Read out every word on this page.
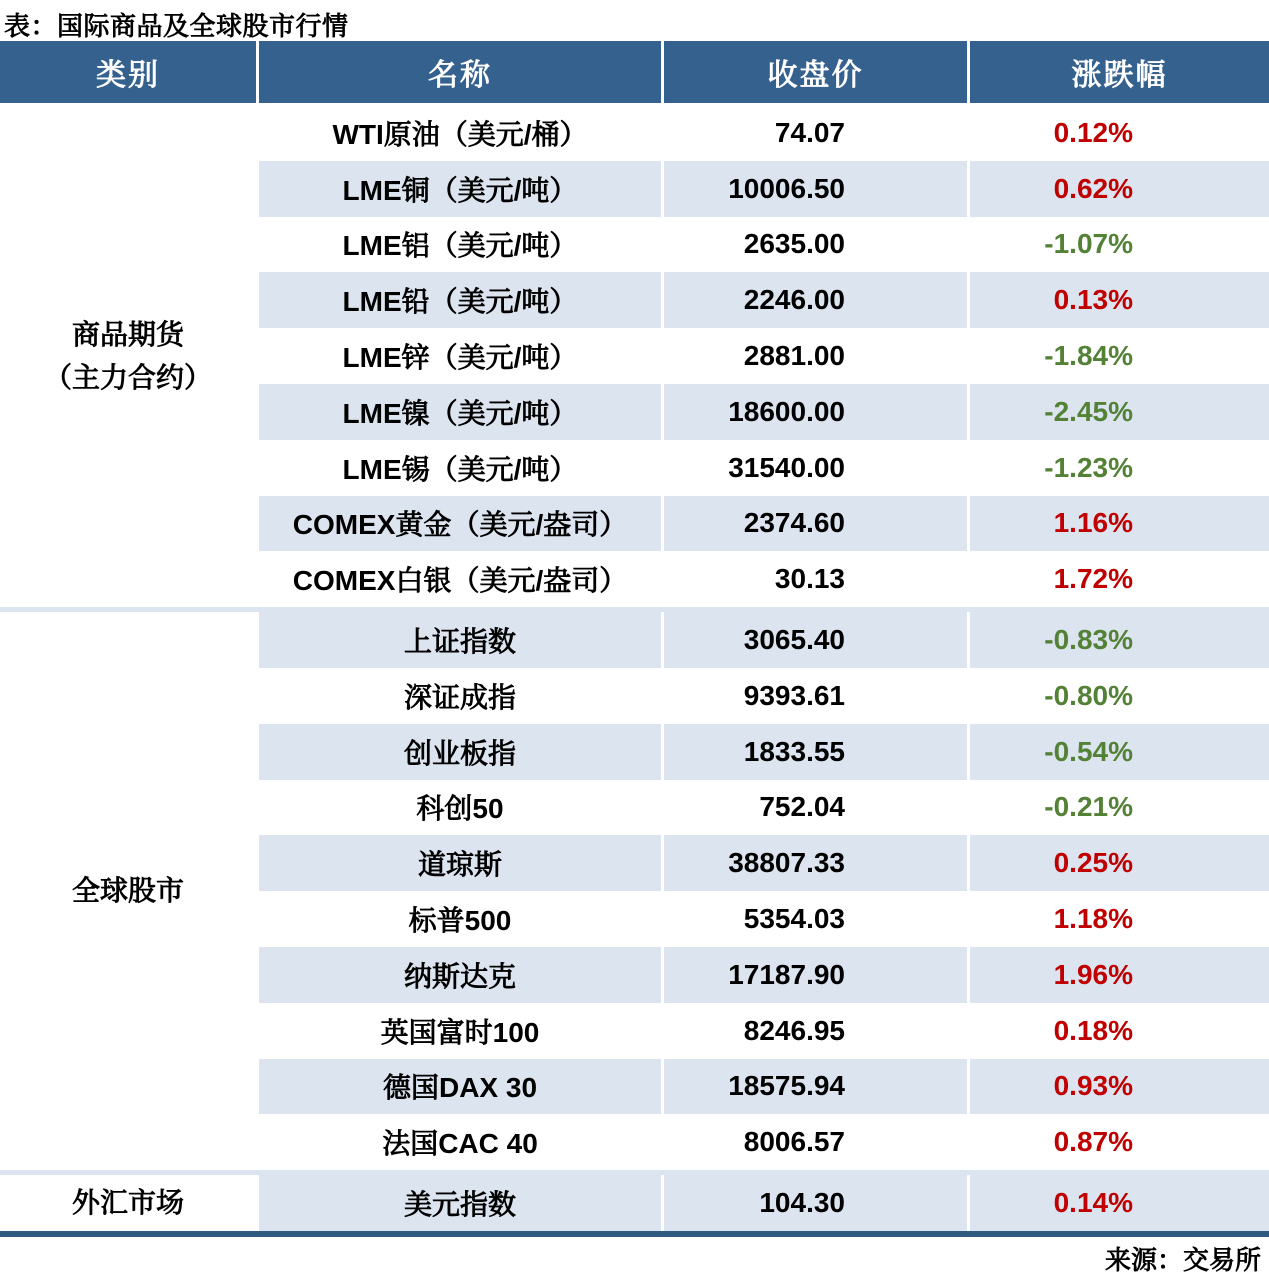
表：国际商品及全球股市行情
类别	名称	收盘价	涨跌幅
商品期货
（主力合约）
WTI原油（美元/桶）	74.07	0.12%
LME铜（美元/吨）	10006.50	0.62%
LME铝（美元/吨）	2635.00	-1.07%
LME铅（美元/吨）	2246.00	0.13%
LME锌（美元/吨）	2881.00	-1.84%
LME镍（美元/吨）	18600.00	-2.45%
LME锡（美元/吨）	31540.00	-1.23%
COMEX黄金（美元/盎司）	2374.60	1.16%
COMEX白银（美元/盎司）	30.13	1.72%
全球股市
上证指数	3065.40	-0.83%
深证成指	9393.61	-0.80%
创业板指	1833.55	-0.54%
科创50	752.04	-0.21%
道琼斯	38807.33	0.25%
标普500	5354.03	1.18%
纳斯达克	17187.90	1.96%
英国富时100	8246.95	0.18%
德国DAX 30	18575.94	0.93%
法国CAC 40	8006.57	0.87%
外汇市场	美元指数	104.30	0.14%
来源：交易所
